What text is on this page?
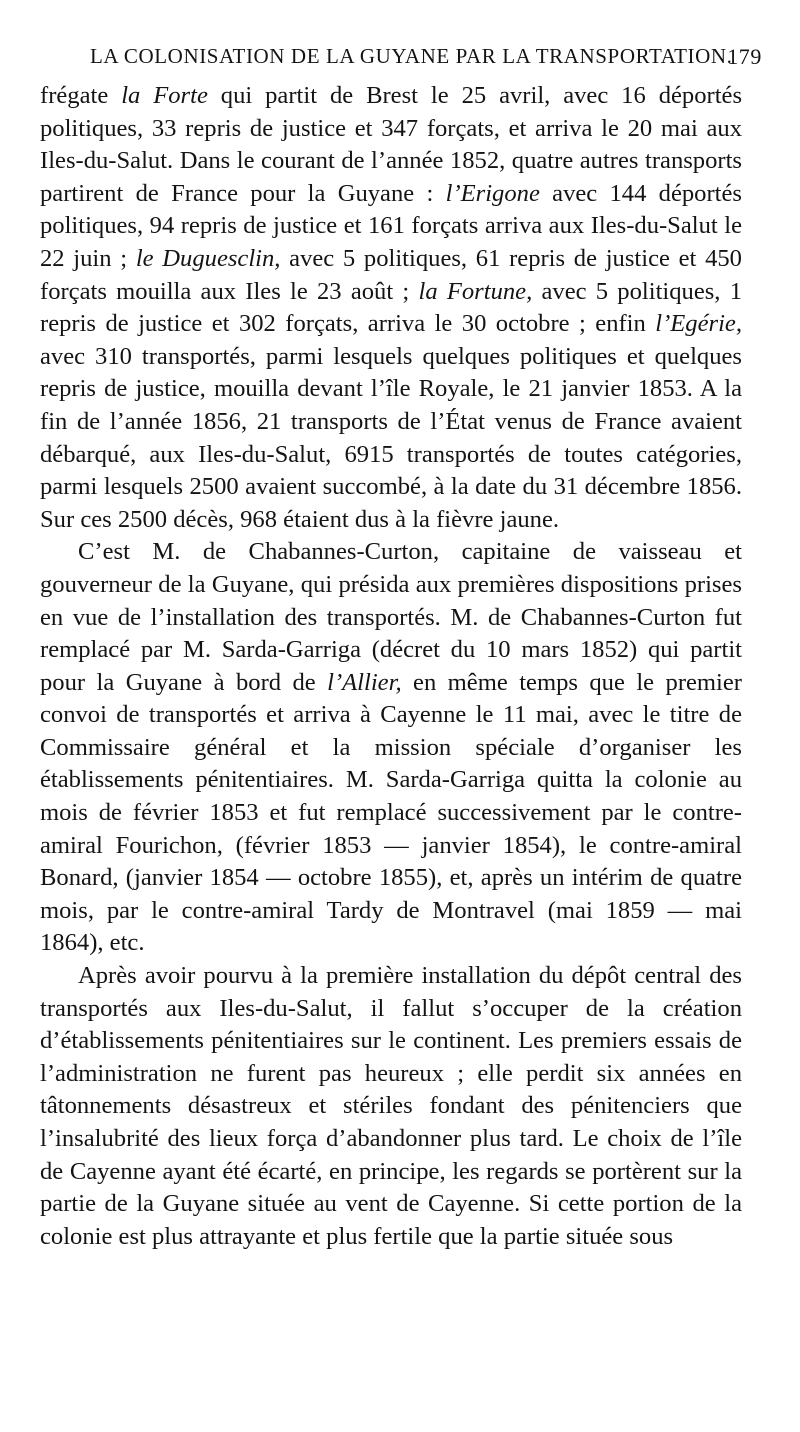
LA COLONISATION DE LA GUYANE PAR LA TRANSPORTATION.
179

frégate la Forte qui partit de Brest le 25 avril, avec 16 déportés politiques, 33 repris de justice et 347 forçats, et arriva le 20 mai aux Iles-du-Salut. Dans le courant de l’année 1852, quatre autres transports partirent de France pour la Guyane : l’Erigone avec 144 déportés politiques, 94 repris de justice et 161 forçats arriva aux Iles-du-Salut le 22 juin ; le Duguesclin, avec 5 politiques, 61 repris de justice et 450 forçats mouilla aux Iles le 23 août ; la Fortune, avec 5 politiques, 1 repris de justice et 302 forçats, arriva le 30 octobre ; enfin l’Egérie, avec 310 transportés, parmi lesquels quelques politiques et quelques repris de justice, mouilla devant l’île Royale, le 21 janvier 1853. A la fin de l’année 1856, 21 transports de l’État venus de France avaient débarqué, aux Iles-du-Salut, 6915 transportés de toutes catégories, parmi lesquels 2500 avaient succombé, à la date du 31 décembre 1856. Sur ces 2500 décès, 968 étaient dus à la fièvre jaune.

C’est M. de Chabannes-Curton, capitaine de vaisseau et gouverneur de la Guyane, qui présida aux premières dispositions prises en vue de l’installation des transportés. M. de Chabannes-Curton fut remplacé par M. Sarda-Garriga (décret du 10 mars 1852) qui partit pour la Guyane à bord de l’Allier, en même temps que le premier convoi de transportés et arriva à Cayenne le 11 mai, avec le titre de Commissaire général et la mission spéciale d’organiser les établissements pénitentiaires. M. Sarda-Garriga quitta la colonie au mois de février 1853 et fut remplacé successivement par le contre-amiral Fourichon, (février 1853 — janvier 1854), le contre-amiral Bonard, (janvier 1854 — octobre 1855), et, après un intérim de quatre mois, par le contre-amiral Tardy de Montravel (mai 1859 — mai 1864), etc.

Après avoir pourvu à la première installation du dépôt central des transportés aux Iles-du-Salut, il fallut s’occuper de la création d’établissements pénitentiaires sur le continent. Les premiers essais de l’administration ne furent pas heureux ; elle perdit six années en tâtonnements désastreux et stériles fondant des pénitenciers que l’insalubrité des lieux força d’abandonner plus tard. Le choix de l’île de Cayenne ayant été écarté, en principe, les regards se portèrent sur la partie de la Guyane située au vent de Cayenne. Si cette portion de la colonie est plus attrayante et plus fertile que la partie située sous
